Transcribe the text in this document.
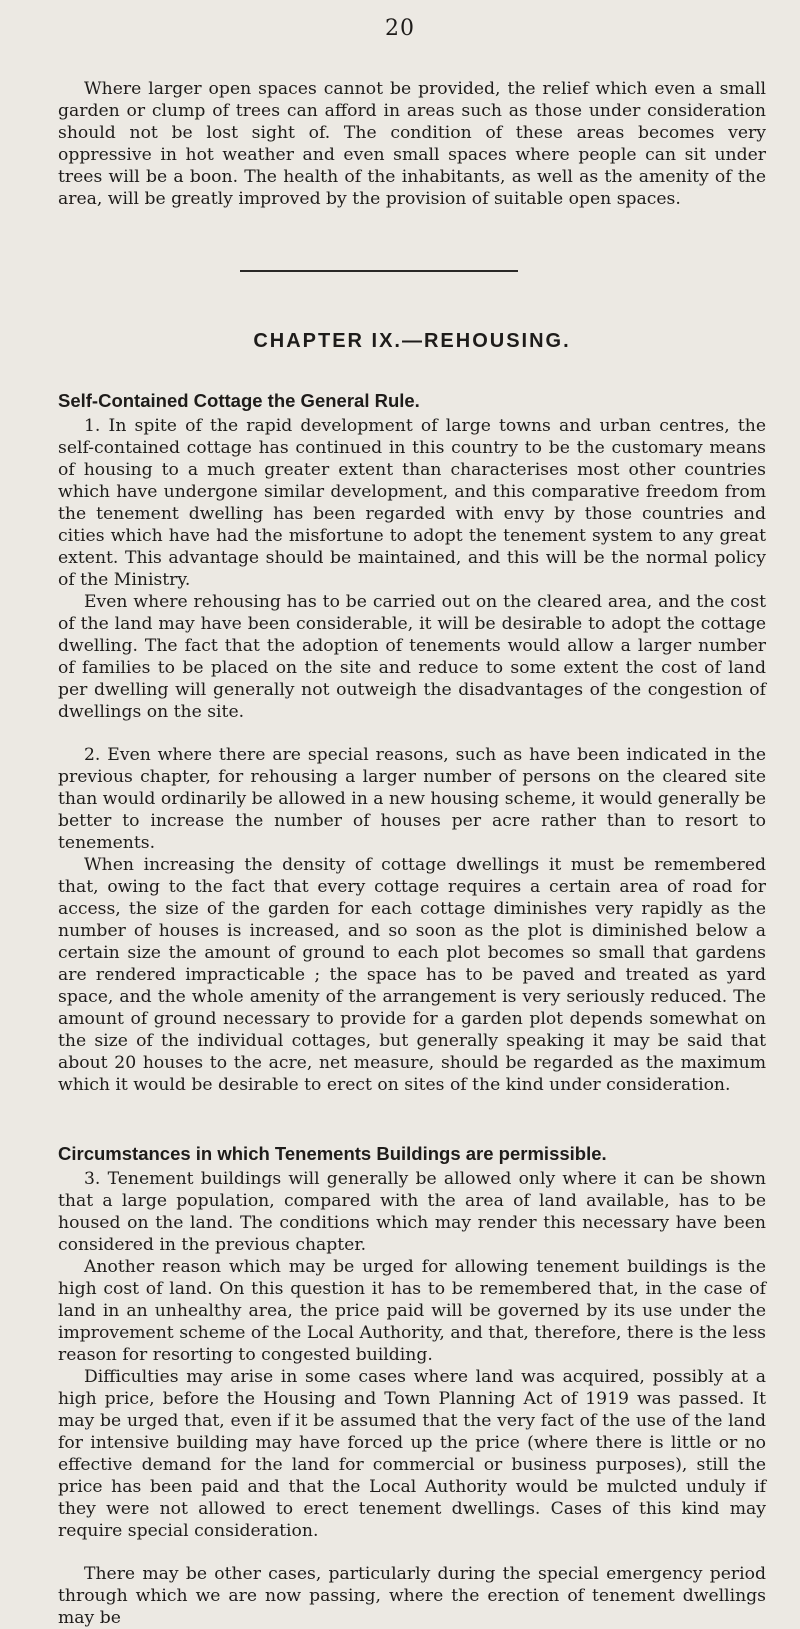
20

Where larger open spaces cannot be provided, the relief which even a small garden or clump of trees can afford in areas such as those under consideration should not be lost sight of. The condition of these areas becomes very oppressive in hot weather and even small spaces where people can sit under trees will be a boon. The health of the inhabitants, as well as the amenity of the area, will be greatly improved by the provision of suitable open spaces.

CHAPTER IX.—REHOUSING.
Self-Contained Cottage the General Rule.

1. In spite of the rapid development of large towns and urban centres, the self-contained cottage has continued in this country to be the customary means of housing to a much greater extent than characterises most other countries which have undergone similar development, and this comparative freedom from the tenement dwelling has been regarded with envy by those countries and cities which have had the misfortune to adopt the tenement system to any great extent. This advantage should be maintained, and this will be the normal policy of the Ministry.

Even where rehousing has to be carried out on the cleared area, and the cost of the land may have been considerable, it will be desirable to adopt the cottage dwelling. The fact that the adoption of tenements would allow a larger number of families to be placed on the site and reduce to some extent the cost of land per dwelling will generally not outweigh the disadvantages of the congestion of dwellings on the site.

2. Even where there are special reasons, such as have been indicated in the previous chapter, for rehousing a larger number of persons on the cleared site than would ordinarily be allowed in a new housing scheme, it would generally be better to increase the number of houses per acre rather than to resort to tenements.

When increasing the density of cottage dwellings it must be remembered that, owing to the fact that every cottage requires a certain area of road for access, the size of the garden for each cottage diminishes very rapidly as the number of houses is increased, and so soon as the plot is diminished below a certain size the amount of ground to each plot becomes so small that gardens are rendered impracticable ; the space has to be paved and treated as yard space, and the whole amenity of the arrangement is very seriously reduced. The amount of ground necessary to provide for a garden plot depends somewhat on the size of the individual cottages, but generally speaking it may be said that about 20 houses to the acre, net measure, should be regarded as the maximum which it would be desirable to erect on sites of the kind under consideration.

Circumstances in which Tenements Buildings are permissible.

3. Tenement buildings will generally be allowed only where it can be shown that a large population, compared with the area of land available, has to be housed on the land. The conditions which may render this necessary have been considered in the previous chapter.

Another reason which may be urged for allowing tenement buildings is the high cost of land. On this question it has to be remembered that, in the case of land in an unhealthy area, the price paid will be governed by its use under the improvement scheme of the Local Authority, and that, therefore, there is the less reason for resorting to congested building.

Difficulties may arise in some cases where land was acquired, possibly at a high price, before the Housing and Town Planning Act of 1919 was passed. It may be urged that, even if it be assumed that the very fact of the use of the land for intensive building may have forced up the price (where there is little or no effective demand for the land for commercial or business purposes), still the price has been paid and that the Local Authority would be mulcted unduly if they were not allowed to erect tenement dwellings. Cases of this kind may require special consideration.

There may be other cases, particularly during the special emergency period through which we are now passing, where the erection of tenement dwellings may be
